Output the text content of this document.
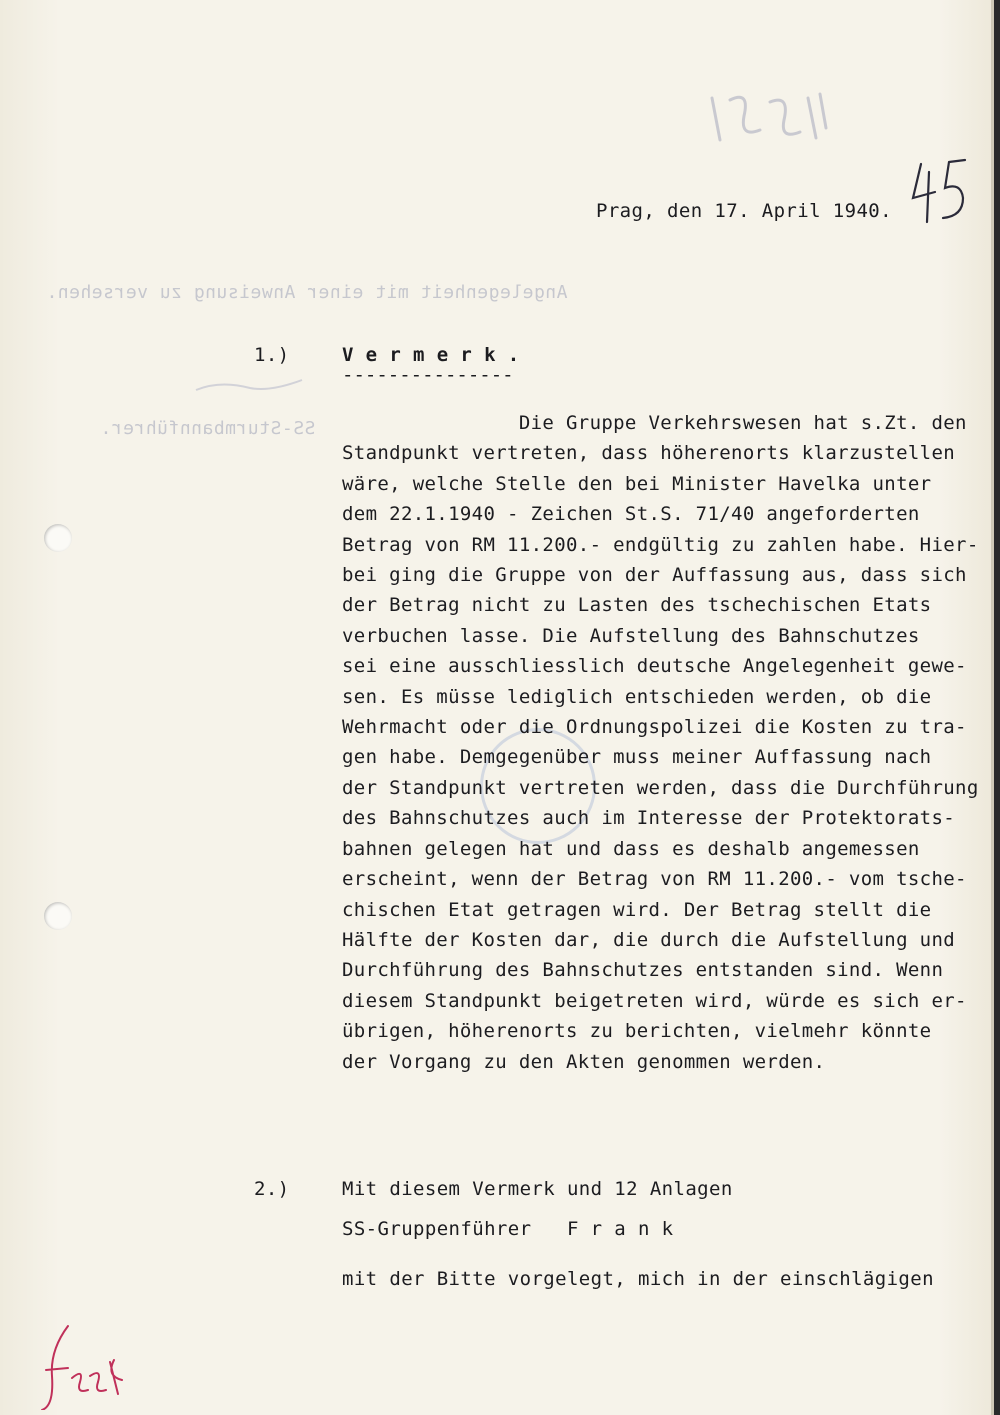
Prag, den 17. April 1940.
Angelegenheit mit einer Anweisung zu versehen.
SS-Sturmbannführer.
1.)	V e r m e r k .
---------------
Die Gruppe Verkehrswesen hat s.Zt. den
Standpunkt vertreten, dass höherenorts klarzustellen
wäre, welche Stelle den bei Minister Havelka unter
dem 22.1.1940 - Zeichen St.S. 71/40 angeforderten
Betrag von RM 11.200.- endgültig zu zahlen habe. Hier-
bei ging die Gruppe von der Auffassung aus, dass sich
der Betrag nicht zu Lasten des tschechischen Etats
verbuchen lasse. Die Aufstellung des Bahnschutzes
sei eine ausschliesslich deutsche Angelegenheit gewe-
sen. Es müsse lediglich entschieden werden, ob die
Wehrmacht oder die Ordnungspolizei die Kosten zu tra-
gen habe. Demgegenüber muss meiner Auffassung nach
der Standpunkt vertreten werden, dass die Durchführung
des Bahnschutzes auch im Interesse der Protektorats-
bahnen gelegen hat und dass es deshalb angemessen
erscheint, wenn der Betrag von RM 11.200.- vom tsche-
chischen Etat getragen wird. Der Betrag stellt die
Hälfte der Kosten dar, die durch die Aufstellung und
Durchführung des Bahnschutzes entstanden sind. Wenn
diesem Standpunkt beigetreten wird, würde es sich er-
übrigen, höherenorts zu berichten, vielmehr könnte
der Vorgang zu den Akten genommen werden.
2.)	Mit diesem Vermerk und 12 Anlagen
SS-Gruppenführer   F r a n k
mit der Bitte vorgelegt, mich in der einschlägigen
